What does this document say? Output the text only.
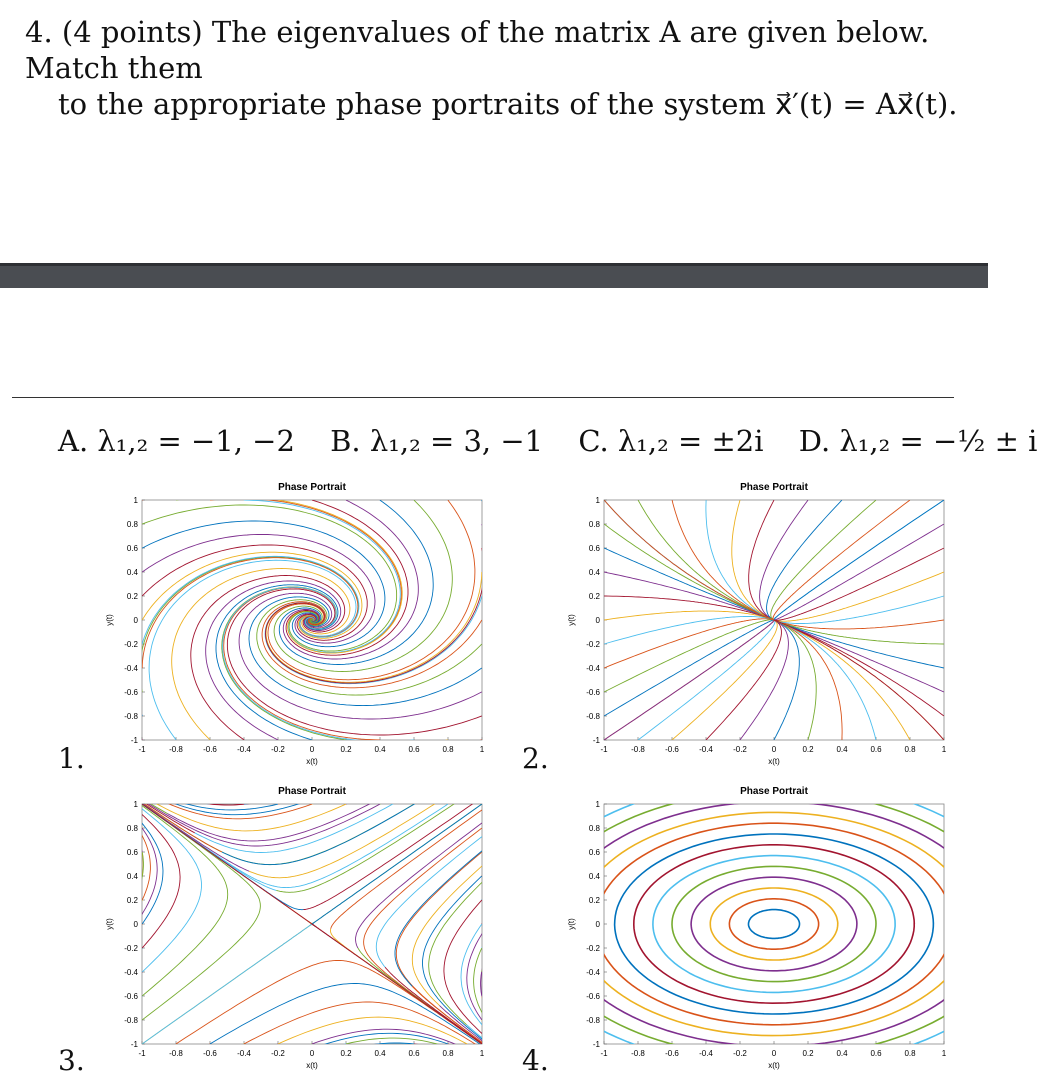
4. (4 points) The eigenvalues of the matrix A are given below. Match them
to the appropriate phase portraits of the system x⃗′(t) = Ax⃗(t).
A. λ₁,₂ = −1, −2 B. λ₁,₂ = 3, −1 C. λ₁,₂ = ±2i D. λ₁,₂ = −½ ± i
1.	2.
3.	4.
Phase Portrait
-1
-1
-0.8
-0.8
-0.6
-0.6
-0.4
-0.4
-0.2
-0.2
0
0
0.2
0.2
0.4
0.4
0.6
0.6
0.8
0.8
1
1
x(t)
y(t)
Phase Portrait
-1
-1
-0.8
-0.8
-0.6
-0.6
-0.4
-0.4
-0.2
-0.2
0
0
0.2
0.2
0.4
0.4
0.6
0.6
0.8
0.8
1
1
x(t)
y(t)
Phase Portrait
-1
-1
-0.8
-0.8
-0.6
-0.6
-0.4
-0.4
-0.2
-0.2
0
0
0.2
0.2
0.4
0.4
0.6
0.6
0.8
0.8
1
1
x(t)
y(t)
Phase Portrait
-1
-1
-0.8
-0.8
-0.6
-0.6
-0.4
-0.4
-0.2
-0.2
0
0
0.2
0.2
0.4
0.4
0.6
0.6
0.8
0.8
1
1
x(t)
y(t)
